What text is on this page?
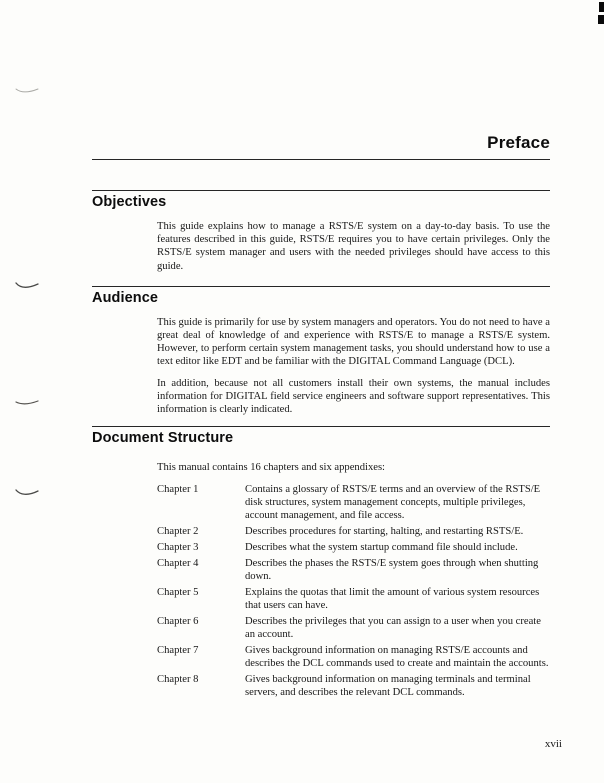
Preface
Objectives

This guide explains how to manage a RSTS/E system on a day-to-day basis. To use the features described in this guide, RSTS/E requires you to have certain privileges. Only the RSTS/E system manager and users with the needed privileges should have access to this guide.

Audience

This guide is primarily for use by system managers and operators. You do not need to have a great deal of knowledge of and experience with RSTS/E to manage a RSTS/E system. However, to perform certain system management tasks, you should understand how to use a text editor like EDT and be familiar with the DIGITAL Command Language (DCL).

In addition, because not all customers install their own systems, the manual includes information for DIGITAL field service engineers and software support representatives. This information is clearly indicated.

Document Structure

This manual contains 16 chapters and six appendixes:

Chapter 1	Contains a glossary of RSTS/E terms and an overview of the RSTS/E disk structures, system management concepts, multiple privileges, account management, and file access.
Chapter 2	Describes procedures for starting, halting, and restarting RSTS/E.
Chapter 3	Describes what the system startup command file should include.
Chapter 4	Describes the phases the RSTS/E system goes through when shutting down.
Chapter 5	Explains the quotas that limit the amount of various system resources that users can have.
Chapter 6	Describes the privileges that you can assign to a user when you create an account.
Chapter 7	Gives background information on managing RSTS/E accounts and describes the DCL commands used to create and maintain the accounts.
Chapter 8	Gives background information on managing terminals and terminal servers, and describes the relevant DCL commands.
xvii
